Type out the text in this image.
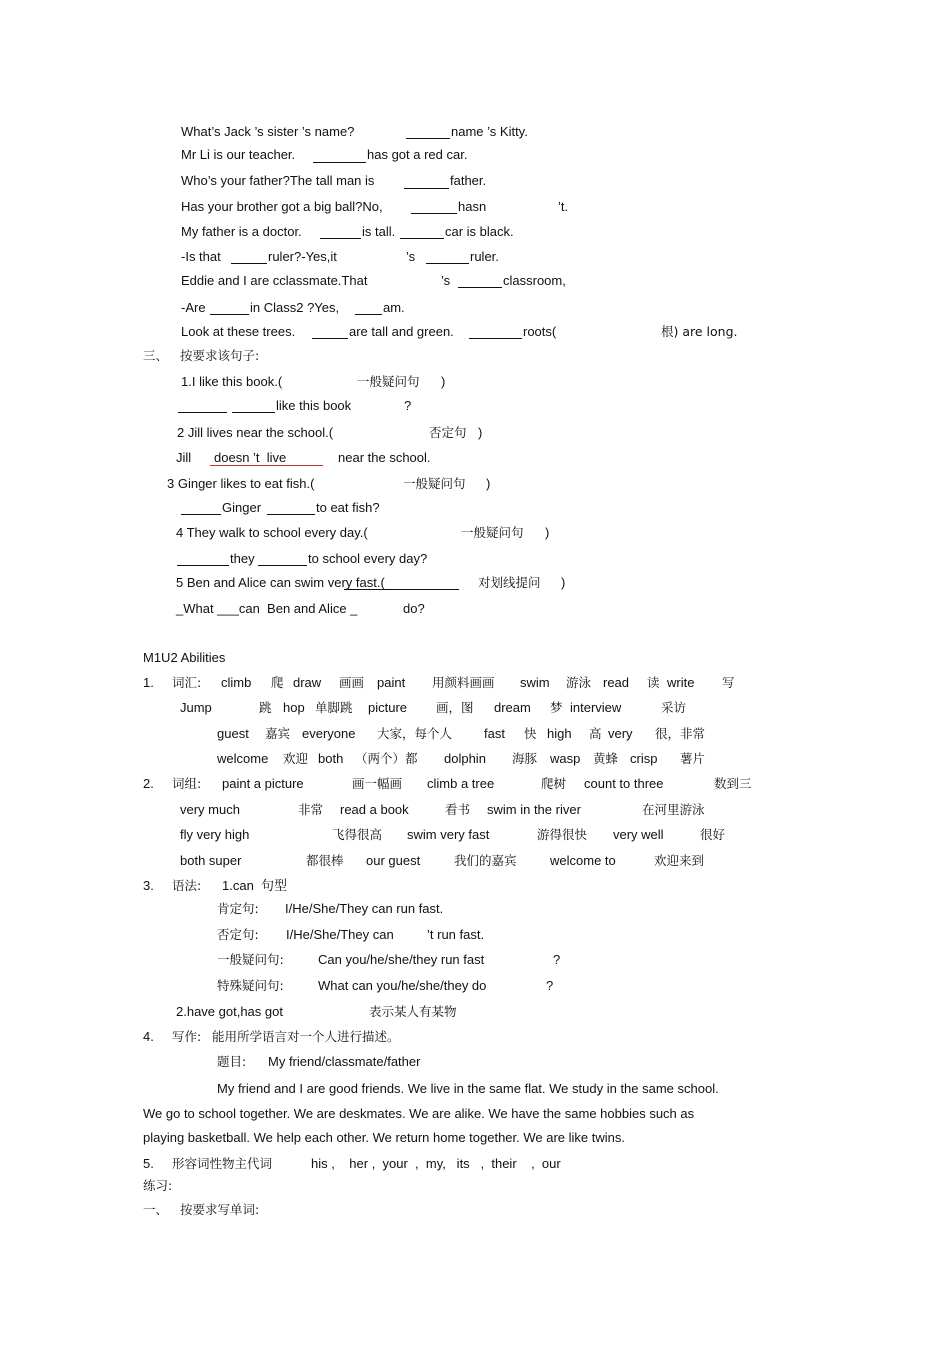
What’s Jack ’s sister ’s name?	name ’s Kitty.
Mr Li is our teacher.	has got a red car.
Who’s your father?The tall man is	father.
Has your brother got a big ball?No,	hasn	’t.
My father is a doctor.	is tall.	car is black.
-Is that	ruler?-Yes,it	’s	ruler.
Eddie and I are cclassmate.That	’s	classroom,
-Are	in Class2 ?Yes,	am.
Look at these trees.	are tall and green.	roots(	根) are long.
三、 按要求该句子:
1.I like this book.(	一般疑问句 )
like this book	?
2 Jill lives near the school.(	否定句 )
Jill doesn ’t  live	near the school.
3 Ginger likes to eat fish.(	一般疑问句 )
Ginger	to eat fish?
4 They walk to school every day.(	一般疑问句 )
they	to school every day?
5 Ben and Alice can swim very fast.(	对划线提问 )
_What ___can  Ben and Alice _	do?
M1U2 Abilities
1. 词汇: climb 爬 draw 画画 paint 用颜料画画 swim 游泳 read 读 write 写
Jump	跳 hop 单脚跳 picture 画，图 dream 梦 interview	采访
guest 嘉宾 everyone 大家，每个人 fast 快 high 高 very 很，非常
welcome 欢迎 both （两个）都 dolphin 海豚 wasp 黄蜂 crisp 薯片
2. 词组: paint a picture	画一幅画 climb a tree	爬树 count to three	数到三
very much	非常 read a book	看书 swim in the river	在河里游泳
fly very high	飞得很高 swim very fast	游得很快 very well	很好
both super	都很棒 our guest	我们的嘉宾	welcome to	欢迎来到
3. 语法: 1.can  句型
肯定句: I/He/She/They can run fast.
否定句: I/He/She/They can	’t run fast.
一般疑问句:	Can you/he/she/they run fast	?
特殊疑问句:	What can you/he/she/they do	?
2.have got,has got	表示某人有某物
4. 写作: 能用所学语言对一个人进行描述。
题目: My friend/classmate/father
My friend and I are good friends. We live in the same flat. We study in the same school.
We go to school together. We are deskmates. We are alike. We have the same hobbies such as
playing basketball. We help each other. We return home together. We are like twins.
5. 形容词性物主代词	his ,    her ,  your  ,  my,   its   ,  their    ,  our
练习:
一、 按要求写单词:
